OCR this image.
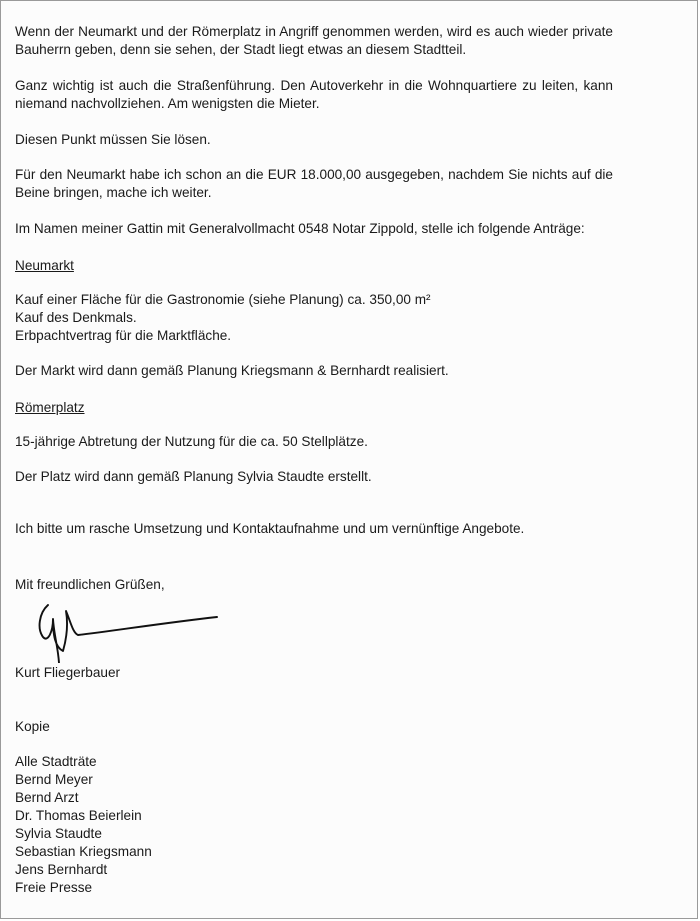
Wenn der Neumarkt und der Römerplatz in Angriff genommen werden, wird es auch wieder private Bauherrn geben, denn sie sehen, der Stadt liegt etwas an diesem Stadtteil.

Ganz wichtig ist auch die Straßenführung. Den Autoverkehr in die Wohnquartiere zu leiten, kann niemand nachvollziehen. Am wenigsten die Mieter.

Diesen Punkt müssen Sie lösen.

Für den Neumarkt habe ich schon an die EUR 18.000,00 ausgegeben, nachdem Sie nichts auf die Beine bringen, mache ich weiter.

Im Namen meiner Gattin mit Generalvollmacht 0548 Notar Zippold, stelle ich folgende Anträge:

Neumarkt

Kauf einer Fläche für die Gastronomie (siehe Planung) ca. 350,00 m²

Kauf des Denkmals.

Erbpachtvertrag für die Marktfläche.

Der Markt wird dann gemäß Planung Kriegsmann & Bernhardt realisiert.

Römerplatz

15-jährige Abtretung der Nutzung für die ca. 50 Stellplätze.

Der Platz wird dann gemäß Planung Sylvia Staudte erstellt.

Ich bitte um rasche Umsetzung und Kontaktaufnahme und um vernünftige Angebote.

Mit freundlichen Grüßen,

Kurt Fliegerbauer

Kopie

Alle Stadträte
Bernd Meyer
Bernd Arzt
Dr. Thomas Beierlein
Sylvia Staudte
Sebastian Kriegsmann
Jens Bernhardt
Freie Presse
